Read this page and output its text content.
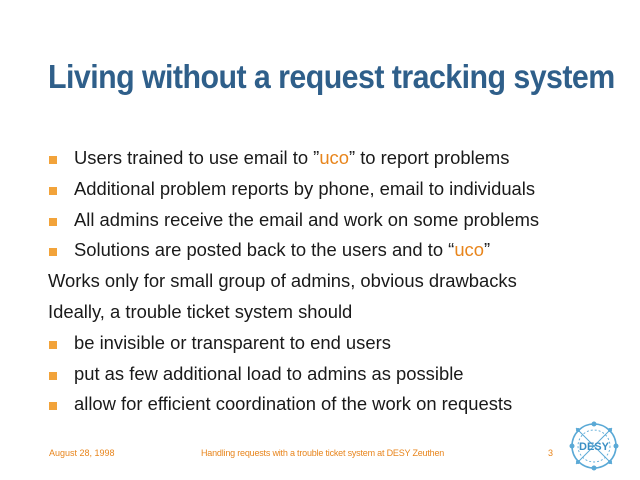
Living without a request tracking system
Users trained to use email to ”uco” to report problems
Additional problem reports by phone, email to individuals
All admins receive the email and work on some problems
Solutions are posted back to the users and to “uco”
Works only for small group of admins, obvious drawbacks
Ideally, a trouble ticket system should
be invisible or transparent to end users
put as few additional load to admins as possible
allow for efficient coordination of the work on requests
August 28, 1998	Handling requests with a trouble ticket system at DESY Zeuthen	3 DESY
